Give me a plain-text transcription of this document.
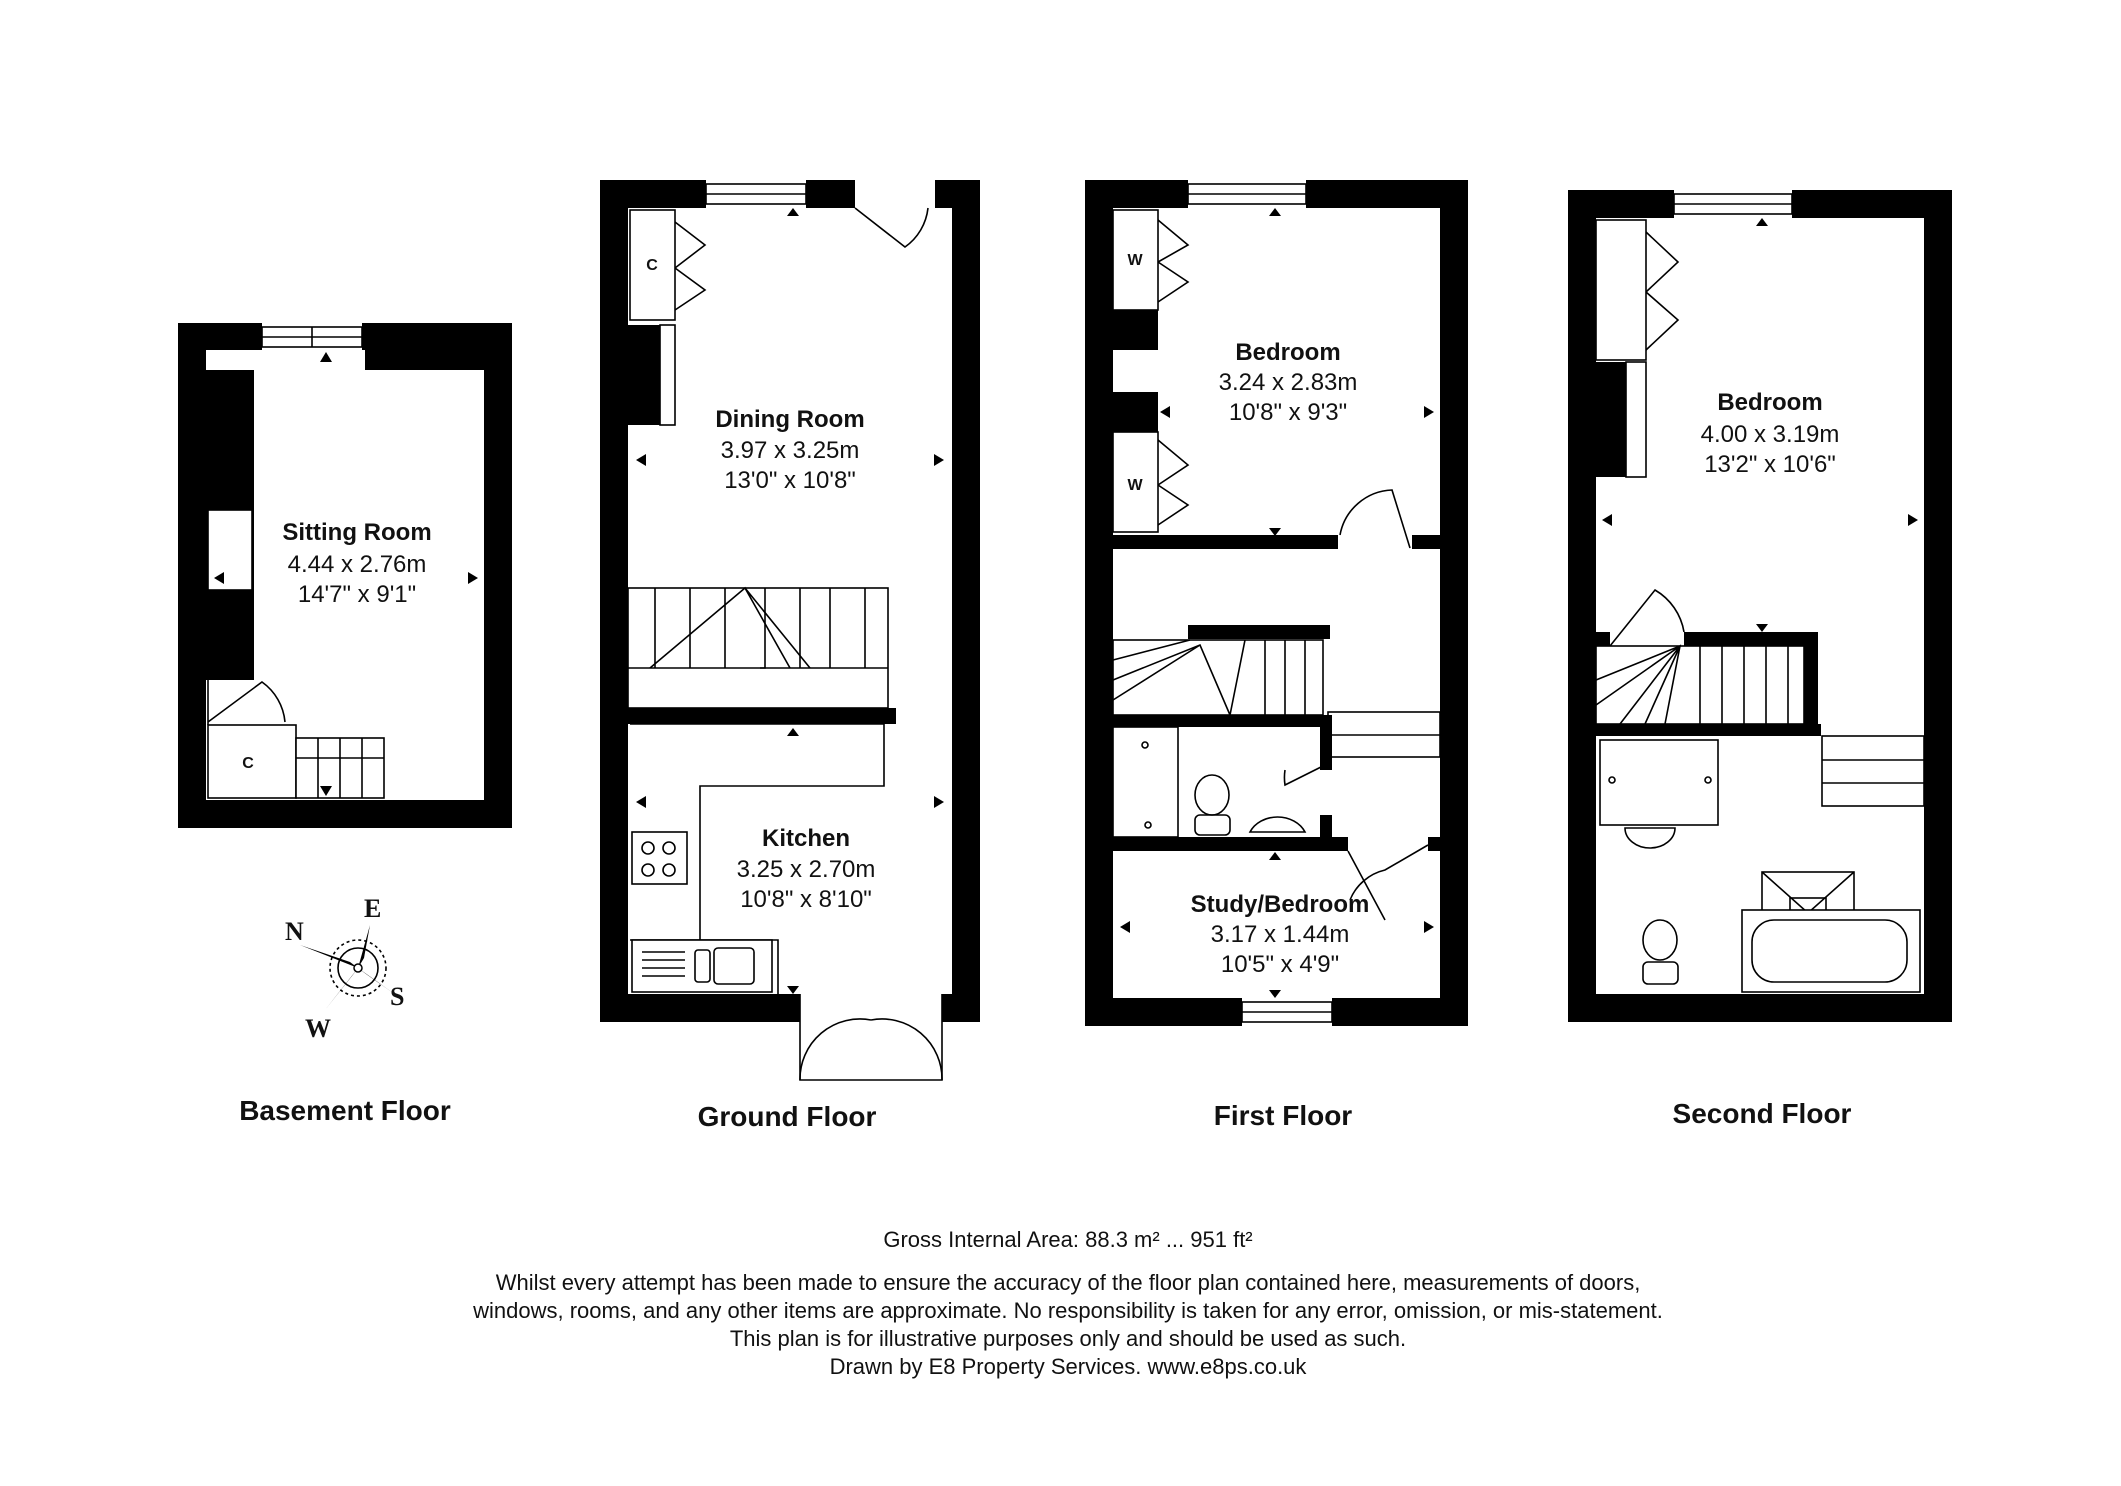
C
Sitting Room
4.44 x 2.76m
14'7" x 9'1"
N
E
S
W
Basement Floor
C
Dining Room
3.97 x 3.25m
13'0" x 10'8"
Kitchen
3.25 x 2.70m
10'8" x 8'10"
Ground Floor
W
W
Bedroom
3.24 x 2.83m
10'8" x 9'3"
Study/Bedroom
3.17 x 1.44m
10'5" x 4'9"
First Floor
Bedroom
4.00 x 3.19m
13'2" x 10'6"
Second Floor
Gross Internal Area: 88.3 m² ... 951 ft²
Whilst every attempt has been made to ensure the accuracy of the floor plan contained here, measurements of doors,
windows, rooms, and any other items are approximate. No responsibility is taken for any error, omission, or mis-statement.
This plan is for illustrative purposes only and should be used as such.
Drawn by E8 Property Services. www.e8ps.co.uk
